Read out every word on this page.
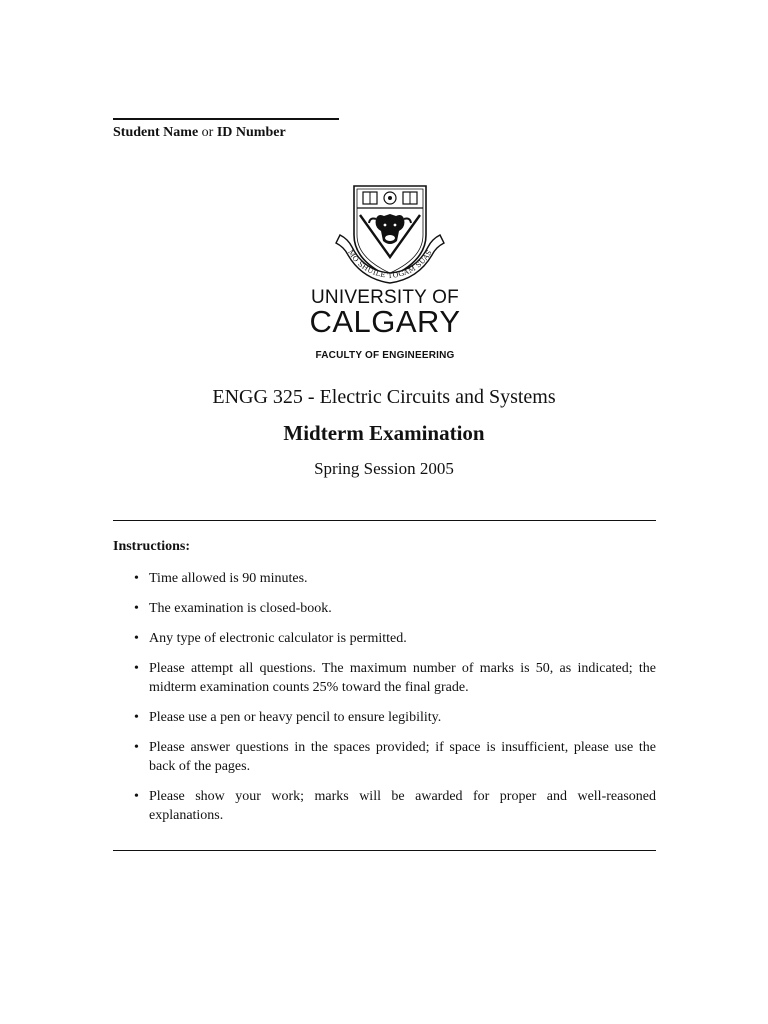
Student Name or ID Number
MO SHUILE TOGAM SUAS
UNIVERSITY OF
CALGARY
FACULTY OF ENGINEERING
ENGG 325 - Electric Circuits and Systems
Midterm Examination
Spring Session 2005
Instructions:
• Time allowed is 90 minutes.
• The examination is closed-book.
• Any type of electronic calculator is permitted.
• Please attempt all questions. The maximum number of marks is 50, as indicated; the midterm examination counts 25% toward the final grade.
• Please use a pen or heavy pencil to ensure legibility.
• Please answer questions in the spaces provided; if space is insufficient, please use the back of the pages.
• Please show your work; marks will be awarded for proper and well-reasoned explanations.
